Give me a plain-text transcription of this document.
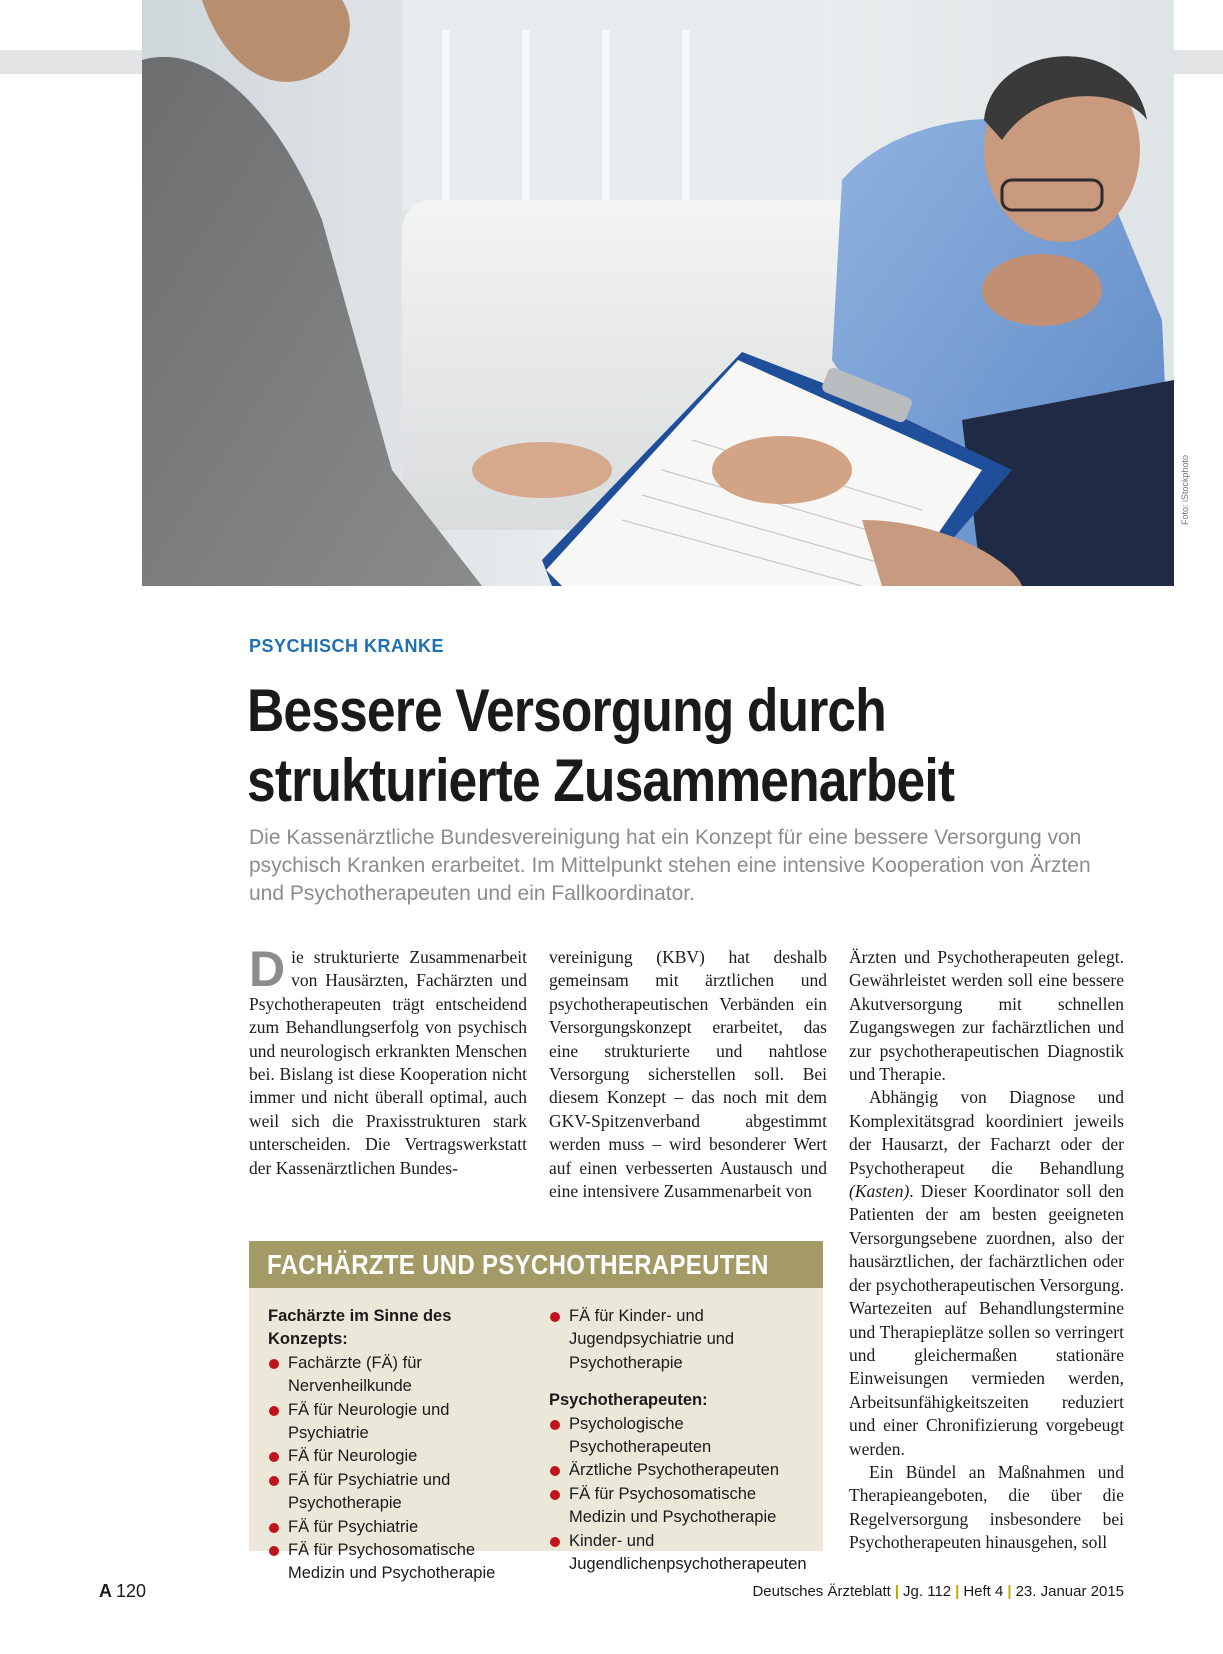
Foto: iStockphoto
PSYCHISCH KRANKE
Bessere Versorgung durch
strukturierte Zusammenarbeit

Die Kassenärztliche Bundesvereinigung hat ein Konzept für eine bessere Versorgung von psychisch Kranken erarbeitet. Im Mittelpunkt stehen eine intensive Kooperation von Ärzten und Psychotherapeuten und ein Fallkoordinator.

Die strukturierte Zusammenarbeit von Hausärzten, Fachärzten und Psychotherapeuten trägt entscheidend zum Behandlungserfolg von psychisch und neurologisch erkrankten Menschen bei. Bislang ist diese Kooperation nicht immer und nicht überall optimal, auch weil sich die Praxisstrukturen stark unterscheiden. Die Vertragswerkstatt der Kassenärztlichen Bundes-

vereinigung (KBV) hat deshalb gemeinsam mit ärztlichen und psychotherapeutischen Verbänden ein Versorgungskonzept erarbeitet, das eine strukturierte und nahtlose Versorgung sicherstellen soll. Bei diesem Konzept – das noch mit dem GKV-Spitzenverband abgestimmt werden muss – wird besonderer Wert auf einen verbesserten Austausch und eine intensivere Zusammenarbeit von

Ärzten und Psychotherapeuten gelegt. Gewährleistet werden soll eine bessere Akutversorgung mit schnellen Zugangswegen zur fachärztlichen und zur psychotherapeutischen Diagnostik und Therapie.

Abhängig von Diagnose und Komplexitätsgrad koordiniert jeweils der Hausarzt, der Facharzt oder der Psychotherapeut die Behandlung (Kasten). Dieser Koordinator soll den Patienten der am besten geeigneten Versorgungsebene zuordnen, also der hausärztlichen, der fachärztlichen oder der psychotherapeutischen Versorgung. Wartezeiten auf Behandlungstermine und Therapieplätze sollen so verringert und gleichermaßen stationäre Einweisungen vermieden werden, Arbeitsunfähigkeitszeiten reduziert und einer Chronifizierung vorgebeugt werden.

Ein Bündel an Maßnahmen und Therapieangeboten, die über die Regelversorgung insbesondere bei Psychotherapeuten hinausgehen, soll

FACHÄRZTE UND PSYCHOTHERAPEUTEN
Fachärzte im Sinne des Konzepts:
Fachärzte (FÄ) für Nervenheilkunde
FÄ für Neurologie und Psychiatrie
FÄ für Neurologie
FÄ für Psychiatrie und Psychotherapie
FÄ für Psychiatrie
FÄ für Psychosomatische Medizin und Psychotherapie
FÄ für Kinder- und Jugendpsychiatrie und Psychotherapie
Psychotherapeuten:
Psychologische Psychotherapeuten
Ärztliche Psychotherapeuten
FÄ für Psychosomatische Medizin und Psychotherapie
Kinder- und Jugendlichenpsychotherapeuten
A 120	Deutsches Ärzteblatt | Jg. 112 | Heft 4 | 23. Januar 2015
